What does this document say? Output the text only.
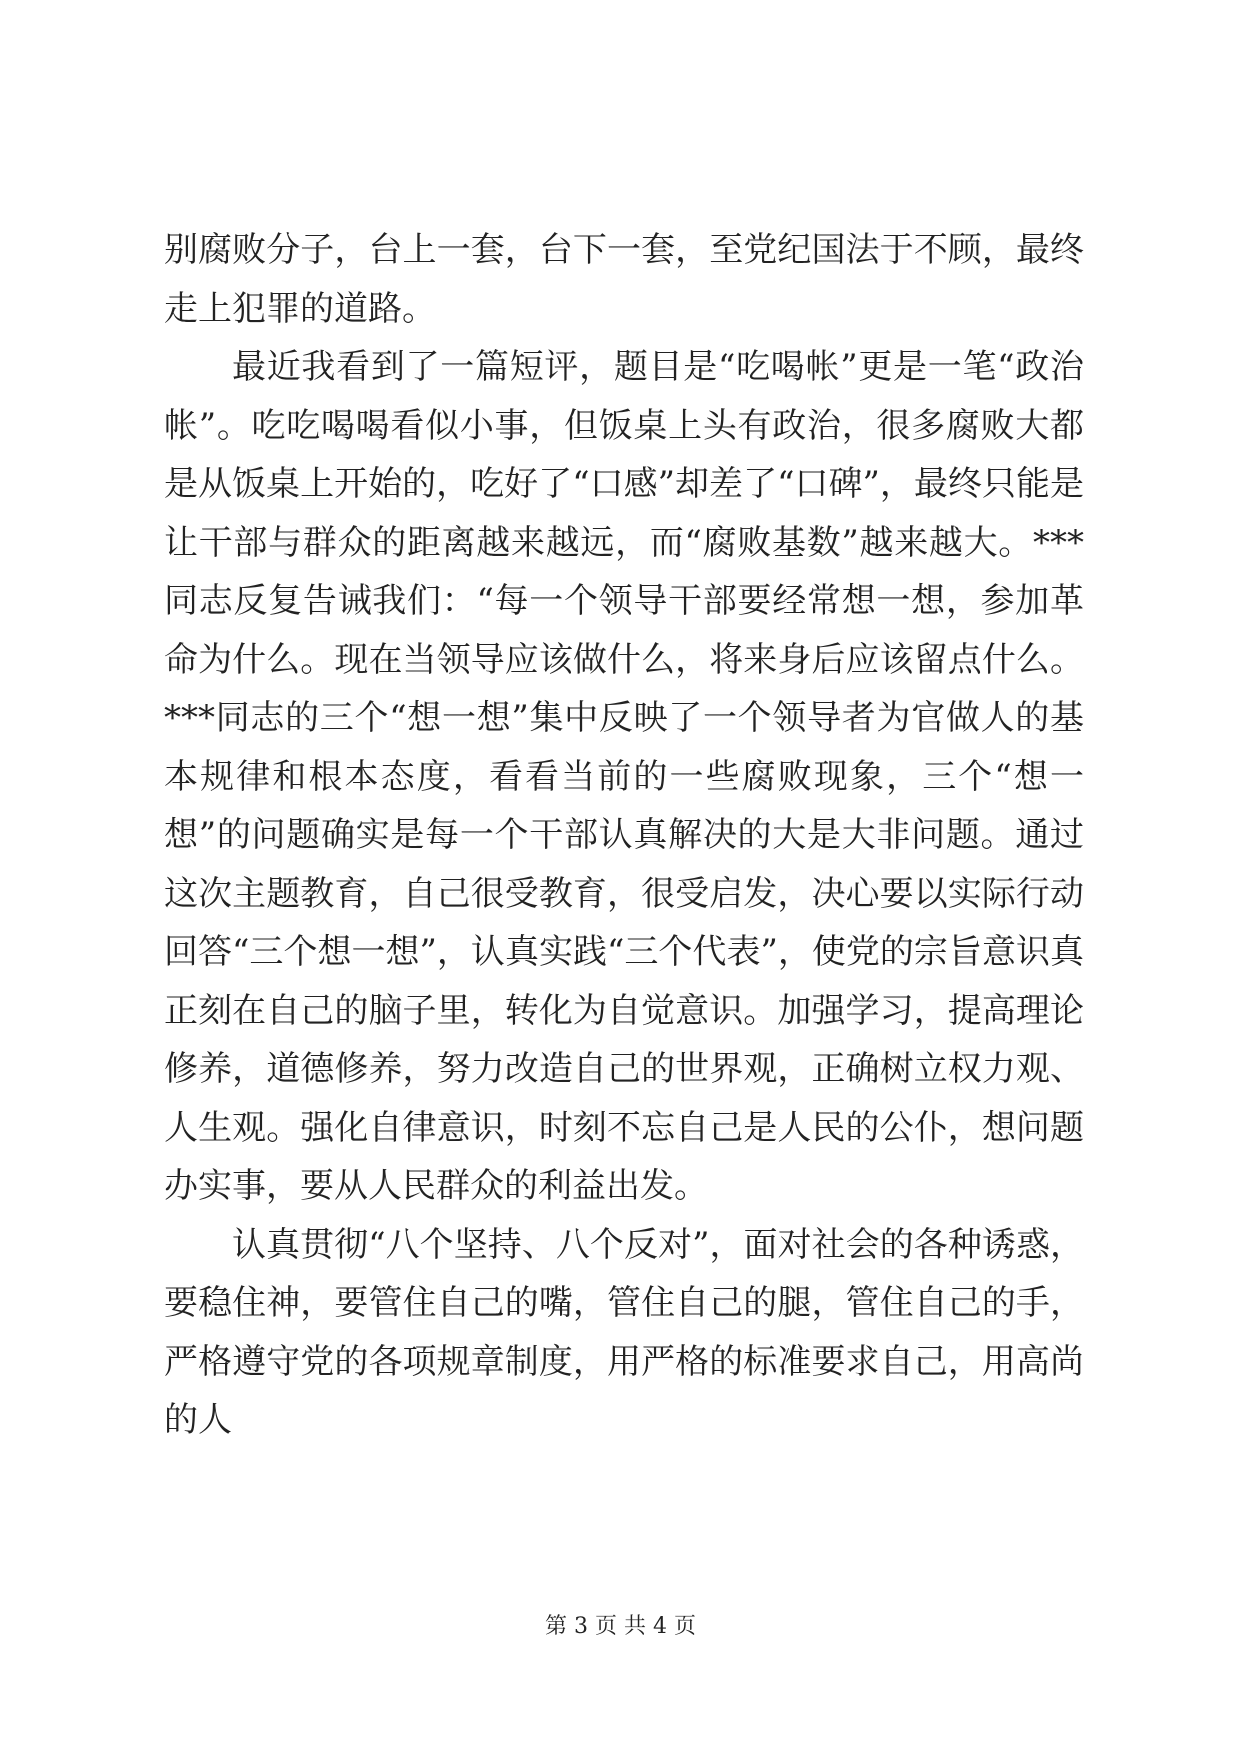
别腐败分子，台上一套，台下一套，至党纪国法于不顾，最终走上犯罪的道路。

最近我看到了一篇短评，题目是“吃喝帐”更是一笔“政治帐”。吃吃喝喝看似小事，但饭桌上头有政治，很多腐败大都是从饭桌上开始的，吃好了“口感”却差了“口碑”，最终只能是让干部与群众的距离越来越远，而“腐败基数”越来越大。***同志反复告诫我们：“每一个领导干部要经常想一想，参加革命为什么。现在当领导应该做什么，将来身后应该留点什么。***同志的三个“想一想”集中反映了一个领导者为官做人的基本规律和根本态度，看看当前的一些腐败现象，三个“想一想”的问题确实是每一个干部认真解决的大是大非问题。通过这次主题教育，自己很受教育，很受启发，决心要以实际行动回答“三个想一想”，认真实践“三个代表”，使党的宗旨意识真正刻在自己的脑子里，转化为自觉意识。加强学习，提高理论修养，道德修养，努力改造自己的世界观，正确树立权力观、人生观。强化自律意识，时刻不忘自己是人民的公仆，想问题办实事，要从人民群众的利益出发。

认真贯彻“八个坚持、八个反对”，面对社会的各种诱惑，要稳住神，要管住自己的嘴，管住自己的腿，管住自己的手，严格遵守党的各项规章制度，用严格的标准要求自己，用高尚的人

第 3 页 共 4 页
